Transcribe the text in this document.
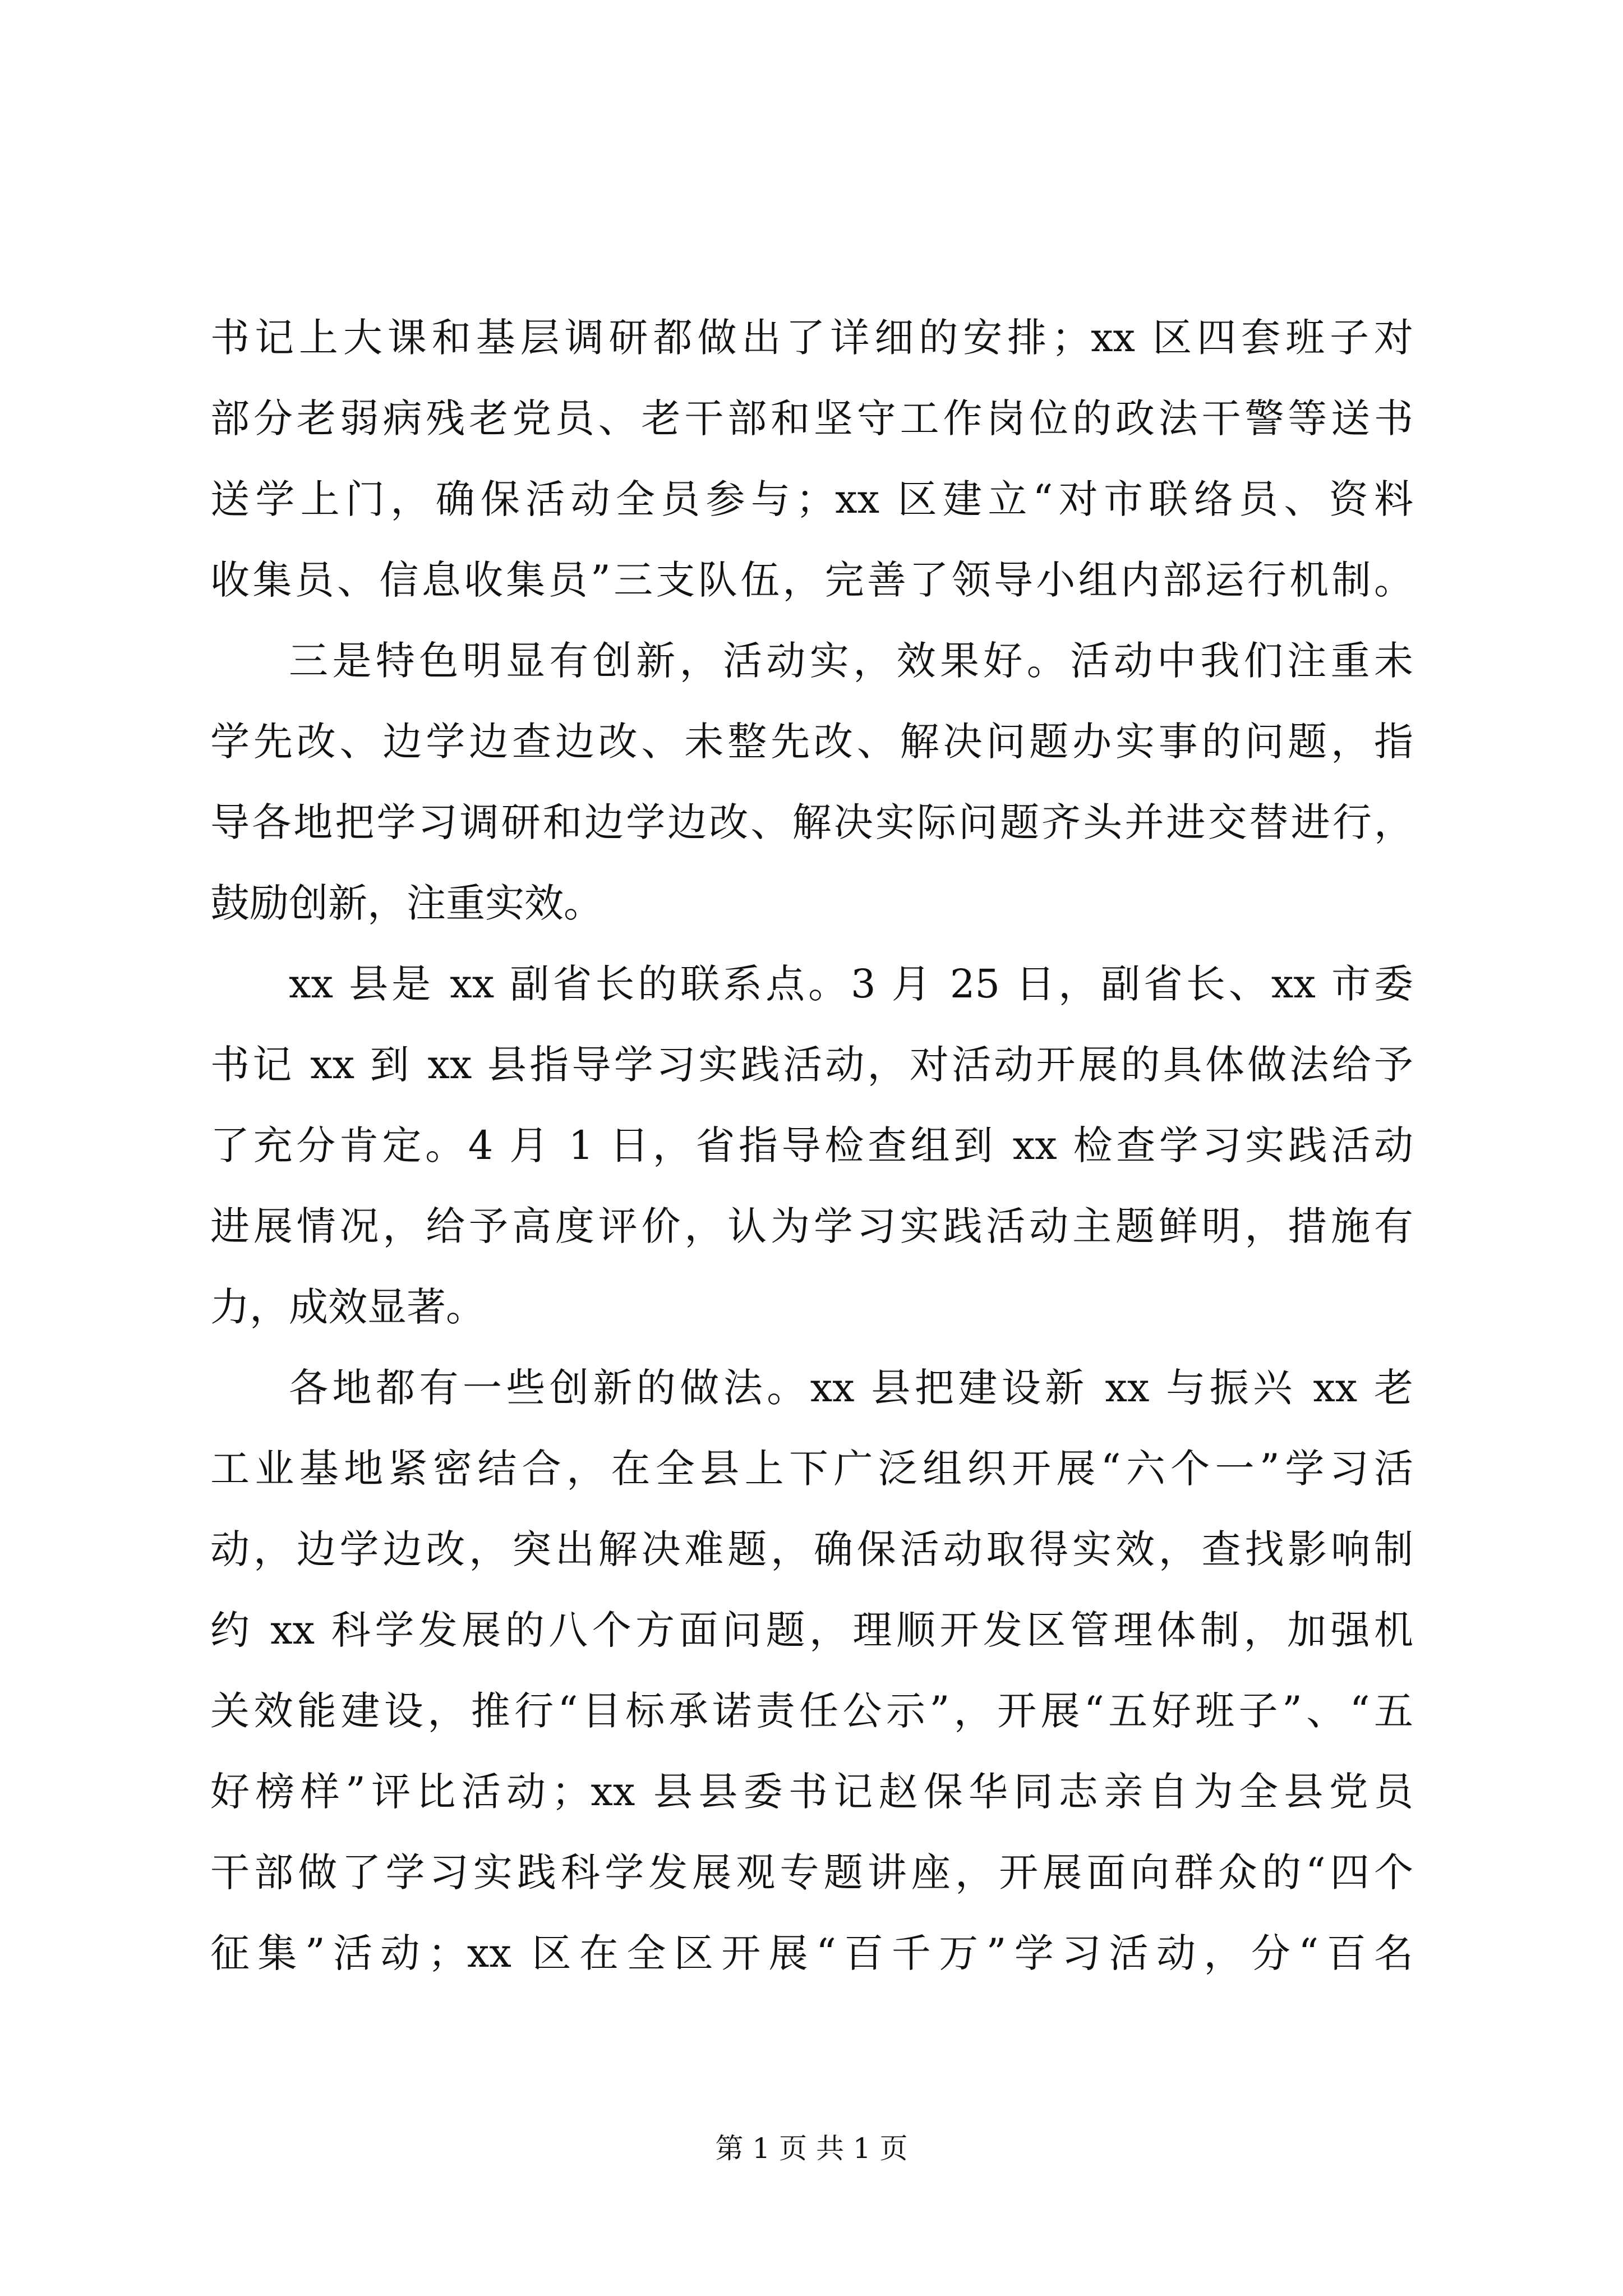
书记上大课和基层调研都做出了详细的安排；xx 区四套班子对
部分老弱病残老党员、老干部和坚守工作岗位的政法干警等送书
送学上门，确保活动全员参与；xx 区建立“对市联络员、资料
收集员、信息收集员”三支队伍，完善了领导小组内部运行机制。
三是特色明显有创新，活动实，效果好。活动中我们注重未
学先改、边学边查边改、未整先改、解决问题办实事的问题，指
导各地把学习调研和边学边改、解决实际问题齐头并进交替进行，
鼓励创新，注重实效。
xx 县是 xx 副省长的联系点。3 月 25 日，副省长、xx 市委
书记 xx 到 xx 县指导学习实践活动，对活动开展的具体做法给予
了充分肯定。4 月 1 日，省指导检查组到 xx 检查学习实践活动
进展情况，给予高度评价，认为学习实践活动主题鲜明，措施有
力，成效显著。
各地都有一些创新的做法。xx 县把建设新 xx 与振兴 xx 老
工业基地紧密结合，在全县上下广泛组织开展“六个一”学习活
动，边学边改，突出解决难题，确保活动取得实效，查找影响制
约 xx 科学发展的八个方面问题，理顺开发区管理体制，加强机
关效能建设，推行“目标承诺责任公示”，开展“五好班子”、“五
好榜样”评比活动；xx 县县委书记赵保华同志亲自为全县党员
干部做了学习实践科学发展观专题讲座，开展面向群众的“四个
征集”活动；xx 区在全区开展“百千万”学习活动，分“百名
第 1 页 共 1 页
